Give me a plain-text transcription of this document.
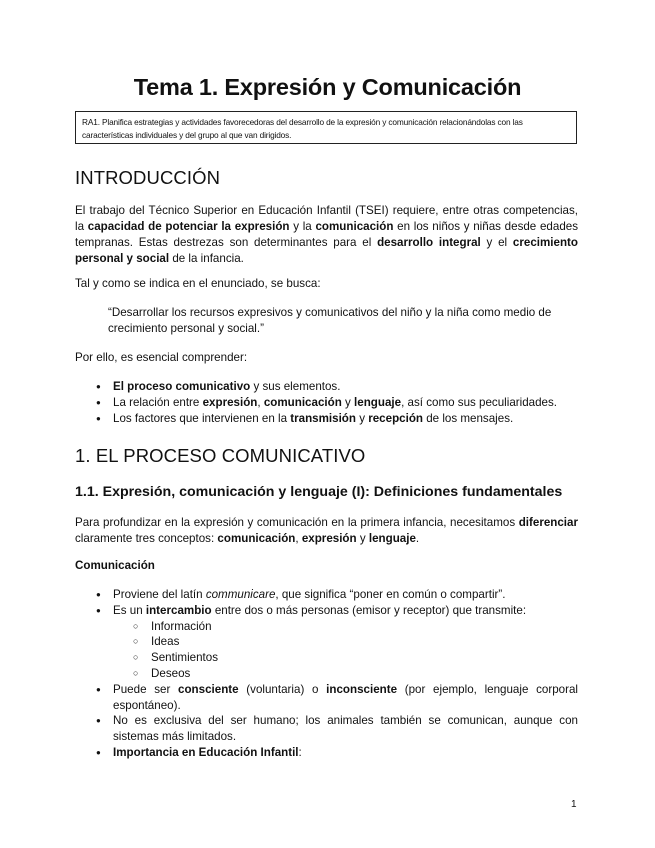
Tema 1. Expresión y Comunicación
RA1. Planifica estrategias y actividades favorecedoras del desarrollo de la expresión y comunicación relacionándolas con las características individuales y del grupo al que van dirigidos.
INTRODUCCIÓN
El trabajo del Técnico Superior en Educación Infantil (TSEI) requiere, entre otras competencias, la capacidad de potenciar la expresión y la comunicación en los niños y niñas desde edades tempranas. Estas destrezas son determinantes para el desarrollo integral y el crecimiento personal y social de la infancia.
Tal y como se indica en el enunciado, se busca:
“Desarrollar los recursos expresivos y comunicativos del niño y la niña como medio de crecimiento personal y social.”
Por ello, es esencial comprender:
● El proceso comunicativo y sus elementos.
● La relación entre expresión, comunicación y lenguaje, así como sus peculiaridades.
● Los factores que intervienen en la transmisión y recepción de los mensajes.
1. EL PROCESO COMUNICATIVO
1.1. Expresión, comunicación y lenguaje (I): Definiciones fundamentales
Para profundizar en la expresión y comunicación en la primera infancia, necesitamos diferenciar claramente tres conceptos: comunicación, expresión y lenguaje.
Comunicación
● Proviene del latín communicare, que significa “poner en común o compartir”.
● Es un intercambio entre dos o más personas (emisor y receptor) que transmite:
○ Información
○ Ideas
○ Sentimientos
○ Deseos
● Puede ser consciente (voluntaria) o inconsciente (por ejemplo, lenguaje corporal espontáneo).
● No es exclusiva del ser humano; los animales también se comunican, aunque con sistemas más limitados.
● Importancia en Educación Infantil:
1
